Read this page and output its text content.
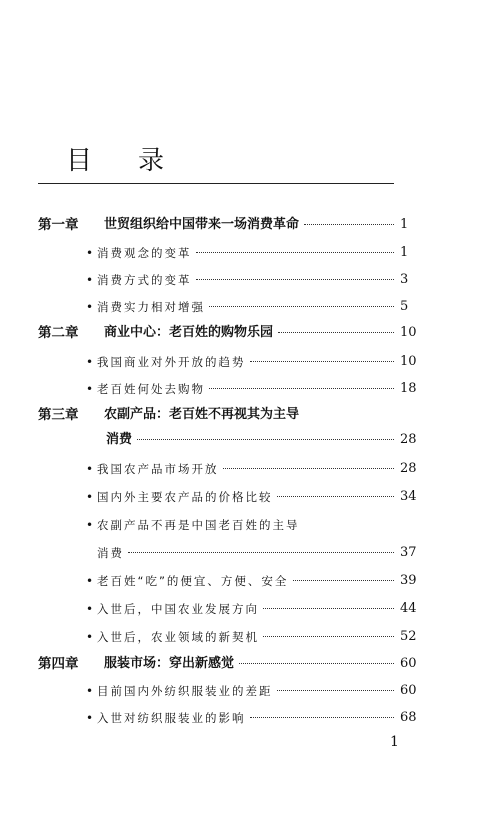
目 录
第一章 世贸组织给中国带来一场消费革命	1
• 消费观念的变革	1
• 消费方式的变革	3
• 消费实力相对增强	5
第二章 商业中心：老百姓的购物乐园	10
• 我国商业对外开放的趋势	10
• 老百姓何处去购物	18
第三章 农副产品：老百姓不再视其为主导
消费	28
• 我国农产品市场开放	28
• 国内外主要农产品的价格比较	34
• 农副产品不再是中国老百姓的主导
消费	37
• 老百姓“吃”的便宜、方便、安全	39
• 入世后，中国农业发展方向	44
• 入世后，农业领域的新契机	52
第四章 服装市场：穿出新感觉	60
• 目前国内外纺织服装业的差距	60
• 入世对纺织服装业的影响	68
1
